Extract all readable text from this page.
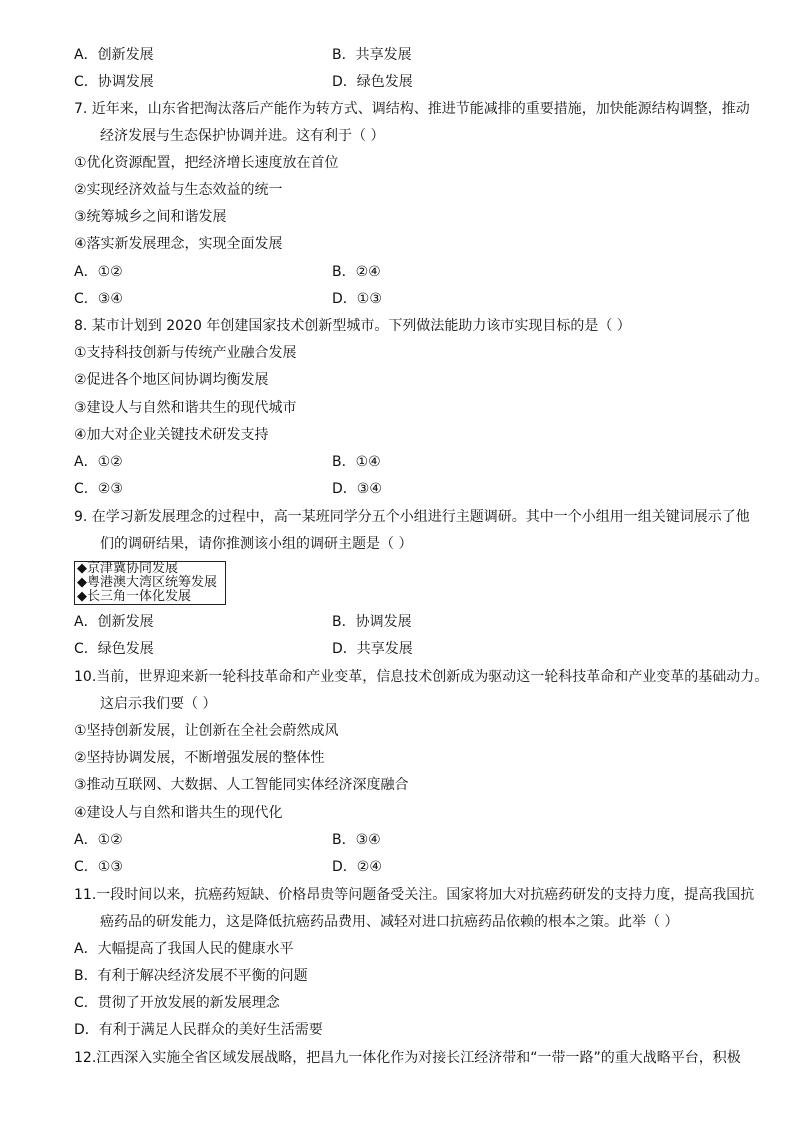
A．创新发展	B．共享发展
C．协调发展	D．绿色发展
7. 近年来，山东省把淘汰落后产能作为转方式、调结构、推进节能减排的重要措施，加快能源结构调整，推动
经济发展与生态保护协调并进。这有利于（ ）
①优化资源配置，把经济增长速度放在首位
②实现经济效益与生态效益的统一
③统筹城乡之间和谐发展
④落实新发展理念，实现全面发展
A．①②	B．②④
C．③④	D．①③
8. 某市计划到 2020 年创建国家技术创新型城市。下列做法能助力该市实现目标的是（ ）
①支持科技创新与传统产业融合发展
②促进各个地区间协调均衡发展
③建设人与自然和谐共生的现代城市
④加大对企业关键技术研发支持
A．①②	B．①④
C．②③	D．③④
9. 在学习新发展理念的过程中，高一某班同学分五个小组进行主题调研。其中一个小组用一组关键词展示了他
们的调研结果，请你推测该小组的调研主题是（ ）
◆京津冀协同发展
◆粤港澳大湾区统筹发展
◆长三角一体化发展
A．创新发展	B．协调发展
C．绿色发展	D．共享发展
10.当前，世界迎来新一轮科技革命和产业变革，信息技术创新成为驱动这一轮科技革命和产业变革的基础动力。
这启示我们要（ ）
①坚持创新发展，让创新在全社会蔚然成风
②坚持协调发展，不断增强发展的整体性
③推动互联网、大数据、人工智能同实体经济深度融合
④建设人与自然和谐共生的现代化
A．①②	B．③④
C．①③	D．②④
11.一段时间以来，抗癌药短缺、价格昂贵等问题备受关注。国家将加大对抗癌药研发的支持力度，提高我国抗
癌药品的研发能力，这是降低抗癌药品费用、减轻对进口抗癌药品依赖的根本之策。此举（ ）
A．大幅提高了我国人民的健康水平
B．有利于解决经济发展不平衡的问题
C．贯彻了开放发展的新发展理念
D．有利于满足人民群众的美好生活需要
12.江西深入实施全省区域发展战略，把昌九一体化作为对接长江经济带和“一带一路”的重大战略平台，积极
